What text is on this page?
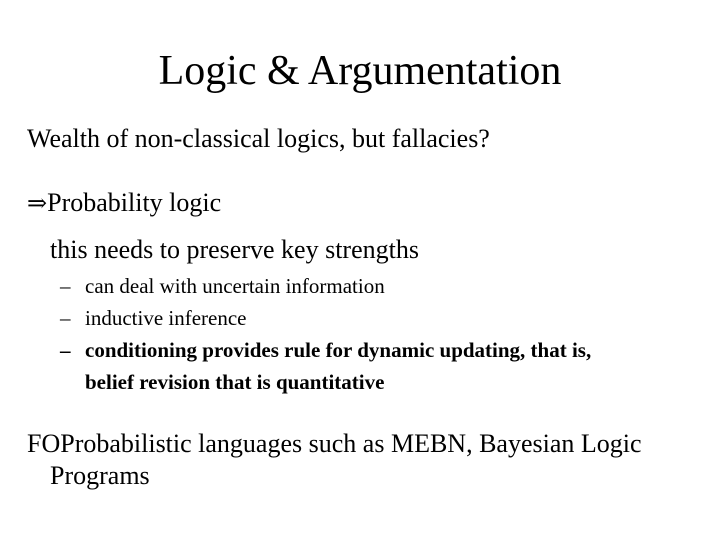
Logic & Argumentation
Wealth of non-classical logics, but fallacies?
⇒Probability logic
this needs to preserve key strengths
– can deal with uncertain information
– inductive inference
– conditioning provides rule for dynamic updating, that is,
belief revision that is quantitative
FOProbabilistic languages such as MEBN, Bayesian Logic
Programs
